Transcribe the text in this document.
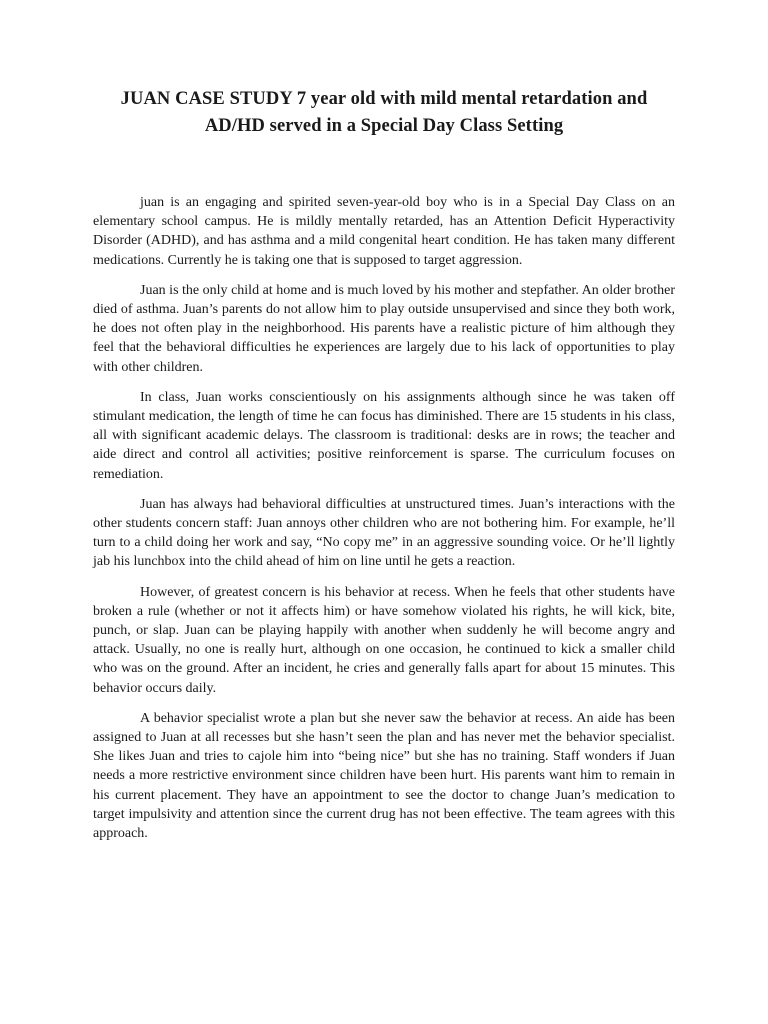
JUAN CASE STUDY 7 year old with mild mental retardation and AD/HD served in a Special Day Class Setting

juan is an engaging and spirited seven-year-old boy who is in a Special Day Class on an elementary school campus. He is mildly mentally retarded, has an Attention Deficit Hyperactivity Disorder (ADHD), and has asthma and a mild congenital heart condition. He has taken many different medications. Currently he is taking one that is supposed to target aggression.

Juan is the only child at home and is much loved by his mother and stepfather. An older brother died of asthma. Juan’s parents do not allow him to play outside unsupervised and since they both work, he does not often play in the neighborhood. His parents have a realistic picture of him although they feel that the behavioral difficulties he experiences are largely due to his lack of opportunities to play with other children.

In class, Juan works conscientiously on his assignments although since he was taken off stimulant medication, the length of time he can focus has diminished. There are 15 students in his class, all with significant academic delays. The classroom is traditional: desks are in rows; the teacher and aide direct and control all activities; positive reinforcement is sparse. The curriculum focuses on remediation.

Juan has always had behavioral difficulties at unstructured times. Juan’s interactions with the other students concern staff: Juan annoys other children who are not bothering him. For example, he’ll turn to a child doing her work and say, “No copy me” in an aggressive sounding voice. Or he’ll lightly jab his lunchbox into the child ahead of him on line until he gets a reaction.

However, of greatest concern is his behavior at recess. When he feels that other students have broken a rule (whether or not it affects him) or have somehow violated his rights, he will kick, bite, punch, or slap. Juan can be playing happily with another when suddenly he will become angry and attack. Usually, no one is really hurt, although on one occasion, he continued to kick a smaller child who was on the ground. After an incident, he cries and generally falls apart for about 15 minutes. This behavior occurs daily.

A behavior specialist wrote a plan but she never saw the behavior at recess. An aide has been assigned to Juan at all recesses but she hasn’t seen the plan and has never met the behavior specialist. She likes Juan and tries to cajole him into “being nice” but she has no training. Staff wonders if Juan needs a more restrictive environment since children have been hurt. His parents want him to remain in his current placement. They have an appointment to see the doctor to change Juan’s medication to target impulsivity and attention since the current drug has not been effective. The team agrees with this approach.
